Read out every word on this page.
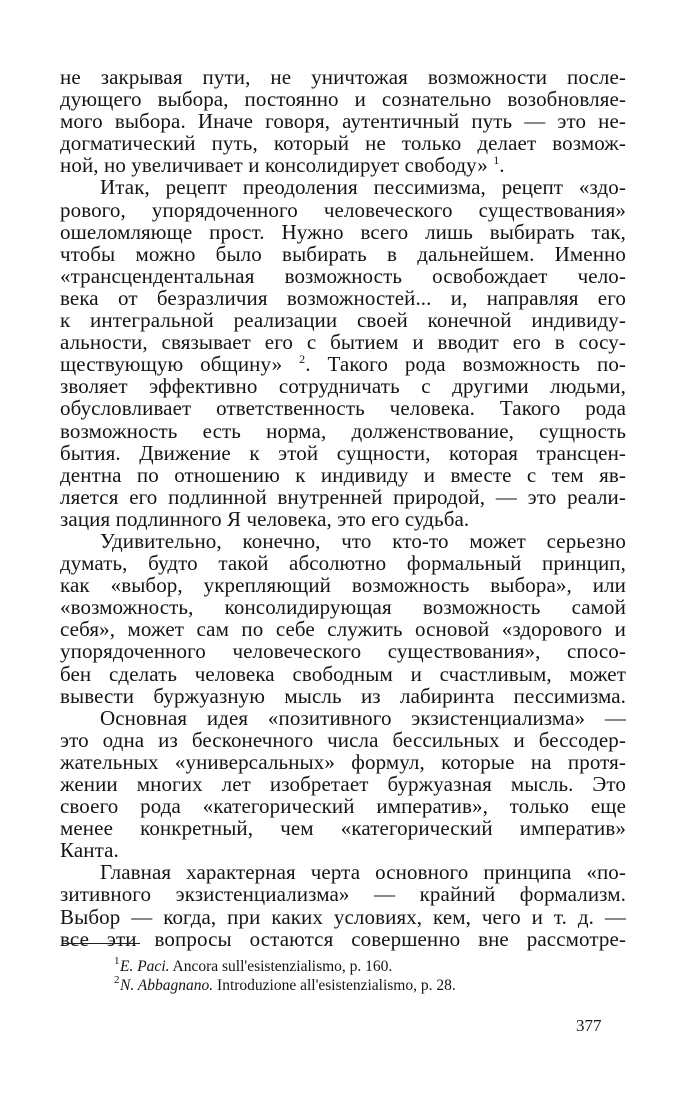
не закрывая пути, не уничтожая возможности после-
дующего выбора, постоянно и сознательно возобновляе-
мого выбора. Иначе говоря, аутентичный путь — это не-
догматический путь, который не только делает возмож-
ной, но увеличивает и консолидирует свободу» $^1$.
Итак, рецепт преодоления пессимизма, рецепт «здо-
рового, упорядоченного человеческого существования»
ошеломляюще прост. Нужно всего лишь выбирать так,
чтобы можно было выбирать в дальнейшем. Именно
«трансцендентальная возможность освобождает чело-
века от безразличия возможностей... и, направляя его
к интегральной реализации своей конечной индивиду-
альности, связывает его с бытием и вводит его в сосу-
ществующую общину» $^2$. Такого рода возможность по-
зволяет эффективно сотрудничать с другими людьми,
обусловливает ответственность человека. Такого рода
возможность есть норма, долженствование, сущность
бытия. Движение к этой сущности, которая трансцен-
дентна по отношению к индивиду и вместе с тем яв-
ляется его подлинной внутренней природой, — это реали-
зация подлинного Я человека, это его судьба.
Удивительно, конечно, что кто-то может серьезно
думать, будто такой абсолютно формальный принцип,
как «выбор, укрепляющий возможность выбора», или
«возможность, консолидирующая возможность самой
себя», может сам по себе служить основой «здорового и
упорядоченного человеческого существования», спосо-
бен сделать человека свободным и счастливым, может
вывести буржуазную мысль из лабиринта пессимизма.
Основная идея «позитивного экзистенциализма» —
это одна из бесконечного числа бессильных и бессодер-
жательных «универсальных» формул, которые на протя-
жении многих лет изобретает буржуазная мысль. Это
своего рода «категорический императив», только еще
менее конкретный, чем «категорический императив»
Канта.
Главная характерная черта основного принципа «по-
зитивного экзистенциализма» — крайний формализм.
Выбор — когда, при каких условиях, кем, чего и т. д. —
все эти вопросы остаются совершенно вне рассмотре-
1 E. Paci. Ancora sull'esistenzialismo, p. 160.
2 N. Abbagnano. Introduzione all'esistenzialismo, p. 28.
377
